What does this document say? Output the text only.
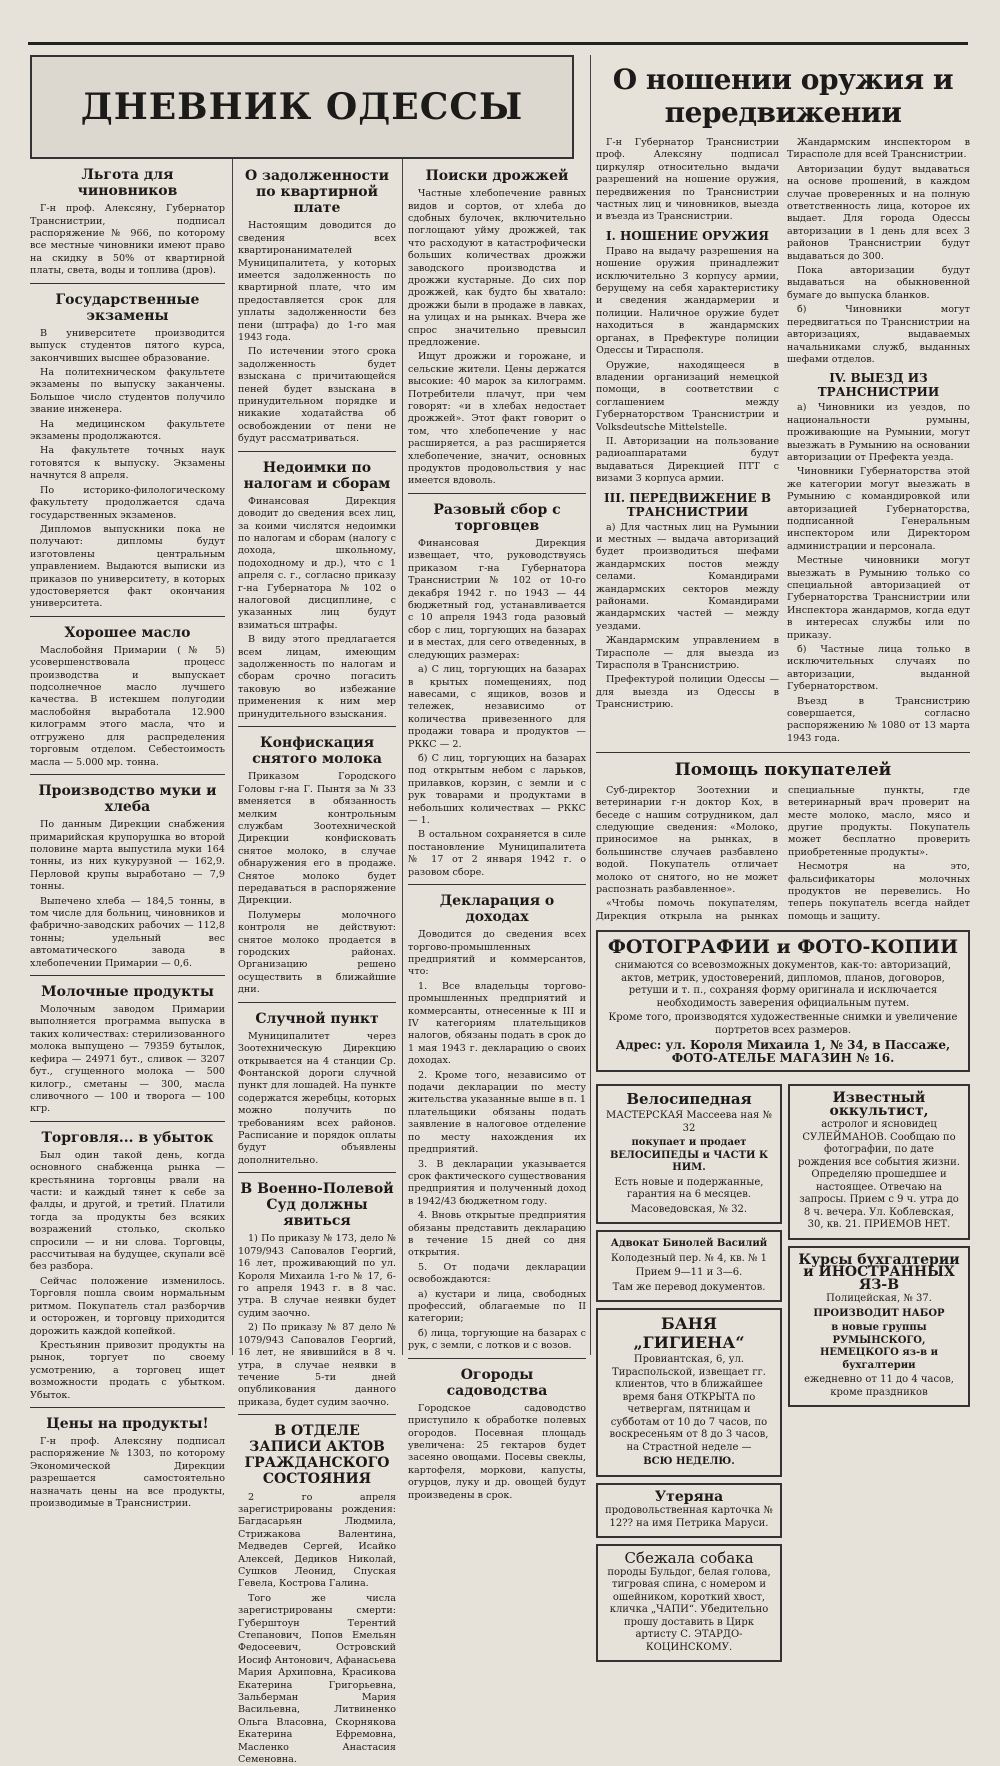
ДНЕВНИК ОДЕССЫ
Льгота для чиновников

Г-н проф. Алексяну, Губернатор Транснистрии, подписал распоряжение № 966, по которому все местные чиновники имеют право на скидку в 50% от квартирной платы, света, воды и топлива (дров).

Государственные экзамены

В университете производится выпуск студентов пятого курса, закончивших высшее образование.

На политехническом факультете экзамены по выпуску заканчены. Большое число студентов получило звание инженера.

На медицинском факультете экзамены продолжаются.

На факультете точных наук готовятся к выпуску. Экзамены начнутся 8 апреля.

По историко-филологическому факультету продолжается сдача государственных экзаменов.

Дипломов выпускники пока не получают: дипломы будут изготовлены центральным управлением. Выдаются выписки из приказов по университету, в которых удостоверяется факт окончания университета.

Хорошее масло

Маслобойня Примарии (№ 5) усовершенствовала процесс производства и выпускает подсолнечное масло лучшего качества. В истекшем полугодии маслобойня выработала 12.900 килограмм этого масла, что и отгружено для распределения торговым отделом. Себестоимость масла — 5.000 мр. тонна.

Производство муки и хлеба

По данным Дирекции снабжения примарийская крупорушка во второй половине марта выпустила муки 164 тонны, из них кукурузной — 162,9. Перловой крупы выработано — 7,9 тонны.

Выпечено хлеба — 184,5 тонны, в том числе для больниц, чиновников и фабрично-заводских рабочих — 112,8 тонны; удельный вес автоматического завода в хлебопечении Примарии — 0,6.

Молочные продукты

Молочным заводом Примарии выполняется программа выпуска в таких количествах: стерилизованного молока выпущено — 79359 бутылок, кефира — 24971 бут., сливок — 3207 бут., сгущенного молока — 500 килогр., сметаны — 300, масла сливочного — 100 и творога — 100 кгр.

Торговля... в убыток

Был один такой день, когда основного снабженца рынка — крестьянина торговцы рвали на части: и каждый тянет к себе за фалды, и другой, и третий. Платили тогда за продукты без всяких возражений столько, сколько спросили — и ни слова. Торговцы, рассчитывая на будущее, скупали всё без разбора.

Сейчас положение изменилось. Торговля пошла своим нормальным ритмом. Покупатель стал разборчив и осторожен, и торговцу приходится дорожить каждой копейкой.

Крестьянин привозит продукты на рынок, торгует по своему усмотрению, а торговец ищет возможности продать с убытком. Убыток.

Цены на продукты!

Г-н проф. Алексяну подписал распоряжение № 1303, по которому Экономической Дирекции разрешается самостоятельно назначать цены на все продукты, производимые в Транснистрии.

О задолженности по квартирной плате

Настоящим доводится до сведения всех квартиронанимателей Муниципалитета, у которых имеется задолженность по квартирной плате, что им предоставляется срок для уплаты задолженности без пени (штрафа) до 1-го мая 1943 года.

По истечении этого срока задолженность будет взыскана с причитающейся пеней будет взыскана в принудительном порядке и никакие ходатайства об освобождении от пени не будут рассматриваться.

Недоимки по налогам и сборам

Финансовая Дирекция доводит до сведения всех лиц, за коими числятся недоимки по налогам и сборам (налогу с дохода, школьному, подоходному и др.), что с 1 апреля с. г., согласно приказу г-на Губернатора № 102 о налоговой дисциплине, с указанных лиц будут взиматься штрафы.

В виду этого предлагается всем лицам, имеющим задолженность по налогам и сборам срочно погасить таковую во избежание применения к ним мер принудительного взыскания.

Конфискация снятого молока

Приказом Городского Головы г-на Г. Пынтя за № 33 вменяется в обязанность мелким контрольным службам Зоотехнической Дирекции конфисковать снятое молоко, в случае обнаружения его в продаже. Снятое молоко будет передаваться в распоряжение Дирекции.

Полумеры молочного контроля не действуют: снятое молоко продается в городских районах. Организацию решено осуществить в ближайшие дни.

Случной пункт

Муниципалитет через Зоотехническую Дирекцию открывается на 4 станции Ср. Фонтанской дороги случной пункт для лошадей. На пункте содержатся жеребцы, которых можно получить по требованиям всех районов. Расписание и порядок оплаты будут объявлены дополнительно.

В Военно-Полевой Суд должны явиться

1) По приказу № 173, дело № 1079/943 Саповалов Георгий, 16 лет, проживающий по ул. Короля Михаила 1-го № 17, 6-го апреля 1943 г. в 8 час. утра. В случае неявки будет судим заочно.

2) По приказу № 87 дело № 1079/943 Саповалов Георгий, 16 лет, не явившийся в 8 ч. утра, в случае неявки в течение 5-ти дней опубликования данного приказа, будет судим заочно.

В ОТДЕЛЕ ЗАПИСИ АКТОВ ГРАЖДАНСКОГО СОСТОЯНИЯ

2 го апреля зарегистрированы рождения: Багдасарьян Людмила, Стрижакова Валентина, Медведев Сергей, Исайко Алексей, Дедиков Николай, Сушков Леонид, Спуская Гевела, Кострова Галина.

Того же числа зарегистрированы смерти: Губерштоун Терентий Степанович, Попов Емельян Федосеевич, Островский Иосиф Антонович, Афанасьева Мария Архиповна, Красикова Екатерина Григорьевна, Зальберман Мария Васильевна, Литвиненко Ольга Власовна, Скорнякова Екатерина Ефремовна, Масленко Анастасия Семеновна.

Поиски дрожжей

Частные хлебопечение равных видов и сортов, от хлеба до сдобных булочек, включительно поглощают уйму дрожжей, так что расходуют в катастрофически больших количествах дрожжи заводского производства и дрожжи кустарные. До сих пор дрожжей, как будто бы хватало: дрожжи были в продаже в лавках, на улицах и на рынках. Вчера же спрос значительно превысил предложение.

Ищут дрожжи и горожане, и сельские жители. Цены держатся высокие: 40 марок за килограмм. Потребители плачут, при чем говорят: «и в хлебах недостает дрожжей». Этот факт говорит о том, что хлебопечение у нас расширяется, а раз расширяется хлебопечение, значит, основных продуктов продовольствия у нас имеется вдоволь.

Разовый сбор с торговцев

Финансовая Дирекция извещает, что, руководствуясь приказом г-на Губернатора Транснистрии № 102 от 10-го декабря 1942 г. по 1943 — 44 бюджетный год, устанавливается с 10 апреля 1943 года разовый сбор с лиц, торгующих на базарах и в местах, для сего отведенных, в следующих размерах:

а) С лиц, торгующих на базарах в крытых помещениях, под навесами, с ящиков, возов и тележек, независимо от количества привезенного для продажи товара и продуктов — РККС — 2.

б) С лиц, торгующих на базарах под открытым небом с ларьков, прилавков, корзин, с земли и с рук товарами и продуктами в небольших количествах — РККС — 1.

В остальном сохраняется в силе постановление Муниципалитета № 17 от 2 января 1942 г. о разовом сборе.

Декларация о доходах

Доводится до сведения всех торгово-промышленных предприятий и коммерсантов, что:

1. Все владельцы торгово-промышленных предприятий и коммерсанты, отнесенные к III и IV категориям плательщиков налогов, обязаны подать в срок до 1 мая 1943 г. декларацию о своих доходах.

2. Кроме того, независимо от подачи декларации по месту жительства указанные выше в п. 1 плательщики обязаны подать заявление в налоговое отделение по месту нахождения их предприятий.

3. В декларации указывается срок фактического существования предприятия и полученный доход в 1942/43 бюджетном году.

4. Вновь открытые предприятия обязаны представить декларацию в течение 15 дней со дня открытия.

5. От подачи декларации освобождаются:

а) кустари и лица, свободных профессий, облагаемые по II категории;

б) лица, торгующие на базарах с рук, с земли, с лотков и с возов.

Огороды садоводства

Городское садоводство приступило к обработке полевых огородов. Посевная площадь увеличена: 25 гектаров будет засеяно овощами. Посевы свеклы, картофеля, моркови, капусты, огурцов, луку и др. овощей будут произведены в срок.

О ношении оружия и передвижении

Г-н Губернатор Транснистрии проф. Алексяну подписал циркуляр относительно выдачи разрешений на ношение оружия, передвижения по Транснистрии частных лиц и чиновников, выезда и въезда из Транснистрии.

I. НОШЕНИЕ ОРУЖИЯ

Право на выдачу разрешения на ношение оружия принадлежит исключительно 3 корпусу армии, берущему на себя характеристику и сведения жандармерии и полиции. Наличное оружие будет находиться в жандармских органах, в Префектуре полиции Одессы и Тирасполя.

Оружие, находящееся в владении организаций немецкой помощи, в соответствии с соглашением между Губернаторством Транснистрии и Volksdeutsche Mittelstelle.

II. Авторизации на пользование радиоаппаратами будут выдаваться Дирекцией ПТТ с визами 3 корпуса армии.

III. ПЕРЕДВИЖЕНИЕ В ТРАНСНИСТРИИ

а) Для частных лиц на Румынии и местных — выдача авторизаций будет производиться шефами жандармских постов между селами. Командирами жандармских секторов между районами. Командирами жандармских частей — между уездами.

Жандармским управлением в Тирасполе — для выезда из Тирасполя в Транснистрию.

Префектурой полиции Одессы — для выезда из Одессы в Транснистрию.

Жандармским инспектором в Тирасполе для всей Транснистрии.

Авторизации будут выдаваться на основе прошений, в каждом случае проверенных и на полную ответственность лица, которое их выдает. Для города Одессы авторизации в 1 день для всех 3 районов Транснистрии будут выдаваться до 300.

Пока авторизации будут выдаваться на обыкновенной бумаге до выпуска бланков.

б) Чиновники могут передвигаться по Транснистрии на авторизациях, выдаваемых начальниками служб, выданных шефами отделов.

IV. ВЫЕЗД ИЗ ТРАНСНИСТРИИ

а) Чиновники из уездов, по национальности румыны, проживающие на Румынии, могут выезжать в Румынию на основании авторизации от Префекта уезда.

Чиновники Губернаторства этой же категории могут выезжать в Румынию с командировкой или авторизацией Губернаторства, подписанной Генеральным инспектором или Директором администрации и персонала.

Местные чиновники могут выезжать в Румынию только со специальной авторизацией от Губернаторства Транснистрии или Инспектора жандармов, когда едут в интересах службы или по приказу.

б) Частные лица только в исключительных случаях по авторизации, выданной Губернаторством.

Въезд в Транснистрию совершается, согласно распоряжению № 1080 от 13 марта 1943 года.

Помощь покупателей

Суб-директор Зоотехнии и ветеринарии г-н доктор Кох, в беседе с нашим сотрудником, дал следующие сведения: «Молоко, приносимое на рынках, в большинстве случаев разбавлено водой. Покупатель отличает молоко от снятого, но не может распознать разбавленное».

«Чтобы помочь покупателям, Дирекция открыла на рынках специальные пункты, где ветеринарный врач проверит на месте молоко, масло, мясо и другие продукты. Покупатель может бесплатно проверить приобретенные продукты».

Несмотря на это, фальсификаторы молочных продуктов не перевелись. Но теперь покупатель всегда найдет помощь и защиту.

ФОТОГРАФИИ и ФОТО-КОПИИ
снимаются со всевозможных документов, как-то: авторизаций, актов, метрик, удостоверений, дипломов, планов, договоров, ретуши и т. п., сохраняя форму оригинала и исключается необходимость заверения официальным путем.
Кроме того, производятся художественные снимки и увеличение портретов всех размеров.
Адрес: ул. Короля Михаила 1, № 34, в Пассаже, ФОТО-АТЕЛЬЕ МАГАЗИН № 16.
Велосипедная
МАСТЕРСКАЯ Масcеева ная № 32
покупает и продает ВЕЛОСИПЕДЫ и ЧАСТИ К НИМ.
Есть новые и подержанные, гарантия на 6 месяцев.
Масоведовская, № 32.
Адвокат Бинолей Василий
Колодезный пер. № 4, кв. № 1
Прием 9—11 и 3—6.
Там же перевод документов.
БАНЯ „ГИГИЕНА“
Провиантская, 6, ул. Тираспольской, извещает гг. клиентов, что в ближайшее время баня ОТКРЫТА по четвергам, пятницам и субботам от 10 до 7 часов, по воскресеньям от 8 до 3 часов, на Страстной неделе —
ВСЮ НЕДЕЛЮ.
Утеряна
продовольственная карточка № 12?? на имя Петрика Маруси.
Сбежала собака
породы Бульдог, белая голова, тигровая спина, с номером и ошейником, короткий хвост, кличка „ЧАПИ“. Убедительно прошу доставить в Цирк артисту С. ЭТАРДО-КОЦИНСКОМУ.
Известный оккультист,
астролог и ясновидец СУЛЕЙМАНОВ. Сообщаю по фотографии, по дате рождения все события жизни. Определяю прошедшее и настоящее. Отвечаю на запросы. Прием с 9 ч. утра до 8 ч. вечера. Ул. Коблевская, 30, кв. 21. ПРИЕМОВ НЕТ.
Курсы бухгалтерии и ИНОСТРАННЫХ ЯЗ-В
Полицейская, № 37.
ПРОИЗВОДИТ НАБОР
в новые группы РУМЫНСКОГО, НЕМЕЦКОГО яз-в и бухгалтерии
ежедневно от 11 до 4 часов, кроме праздников
